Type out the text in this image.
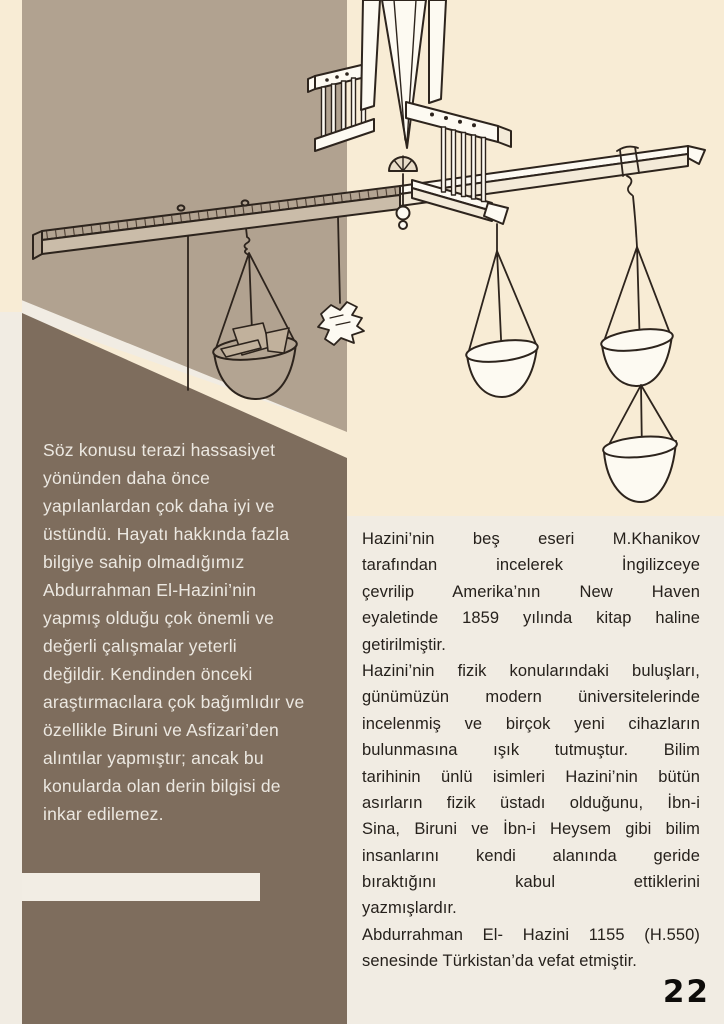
Söz konusu terazi hassasiyet
yönünden daha önce
yapılanlardan çok daha iyi ve
üstündü. Hayatı hakkında fazla
bilgiye sahip olmadığımız
Abdurrahman El-Hazini’nin
yapmış olduğu çok önemli ve
değerli çalışmalar yeterli
değildir. Kendinden önceki
araştırmacılara çok bağımlıdır ve
özellikle Biruni ve Asfizari’den
alıntılar yapmıştır; ancak bu
konularda olan derin bilgisi de
inkar edilemez.
Hazini’nin beş eseri M.Khanikov
tarafından incelerek İngilizceye
çevrilip Amerika’nın New Haven
eyaletinde 1859 yılında kitap haline
getirilmiştir.
Hazini’nin fizik konularındaki buluşları,
günümüzün modern üniversitelerinde
incelenmiş ve birçok yeni cihazların
bulunmasına ışık tutmuştur. Bilim
tarihinin ünlü isimleri Hazini’nin bütün
asırların fizik üstadı olduğunu, İbn-i
Sina, Biruni ve İbn-i Heysem gibi bilim
insanlarını kendi alanında geride
bıraktığını kabul ettiklerini
yazmışlardır.
Abdurrahman El- Hazini 1155 (H.550)
senesinde Türkistan’da vefat etmiştir.
22
